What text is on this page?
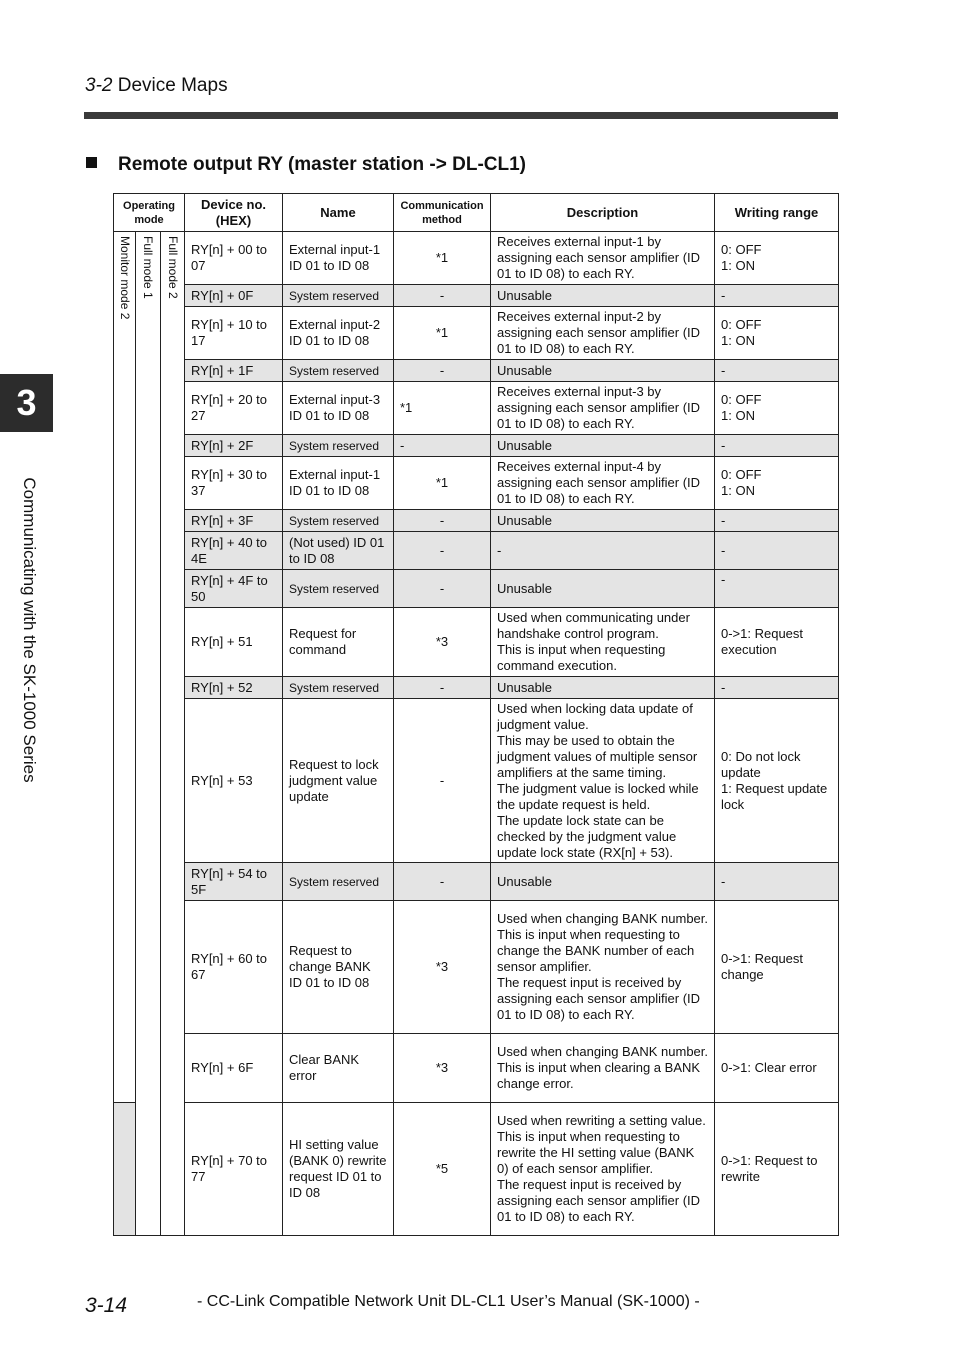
3-2 Device Maps
Remote output RY (master station -> DL-CL1)
3
Communicating with the SK-1000 Series
Operating mode			Device no. (HEX)	Name	Communication method	Description	Writing range

Monitor mode 2	Full mode 1	Full mode 2	RY[n] + 00 to 07	External input-1 ID 01 to ID 08	*1	Receives external input-1 by assigning each sensor amplifier (ID 01 to ID 08) to each RY.	0: OFF
1: ON
			RY[n] + 0F	System reserved	-	Unusable	-
			RY[n] + 10 to 17	External input-2 ID 01 to ID 08	*1	Receives external input-2 by assigning each sensor amplifier (ID 01 to ID 08) to each RY.	0: OFF
1: ON
			RY[n] + 1F	System reserved	-	Unusable	-
			RY[n] + 20 to 27	External input-3 ID 01 to ID 08	*1	Receives external input-3 by assigning each sensor amplifier (ID 01 to ID 08) to each RY.	0: OFF
1: ON
			RY[n] + 2F	System reserved	-	Unusable	-
			RY[n] + 30 to 37	External input-1 ID 01 to ID 08	*1	Receives external input-4 by assigning each sensor amplifier (ID 01 to ID 08) to each RY.	0: OFF
1: ON
			RY[n] + 3F	System reserved	-	Unusable	-
			RY[n] + 40 to 4E	(Not used) ID 01 to ID 08	-	-	-
			RY[n] + 4F to 50	System reserved	-	Unusable	-
			RY[n] + 51	Request for command	*3	Used when communicating under handshake control program.
This is input when requesting command execution.	0->1: Request execution
			RY[n] + 52	System reserved	-	Unusable	-
			RY[n] + 53	Request to lock judgment value update	-	Used when locking data update of judgment value.
This may be used to obtain the judgment values of multiple sensor amplifiers at the same timing.
The judgment value is locked while the update request is held.
The update lock state can be checked by the judgment value update lock state (RX[n] + 53).	0: Do not lock update
1: Request update lock
			RY[n] + 54 to 5F	System reserved	-	Unusable	-
			RY[n] + 60 to 67	Request to change BANK ID 01 to ID 08	*3	Used when changing BANK number.
This is input when requesting to change the BANK number of each sensor amplifier.
The request input is received by assigning each sensor amplifier (ID 01 to ID 08) to each RY.	0->1: Request change
			RY[n] + 6F	Clear BANK error	*3	Used when changing BANK number.
This is input when clearing a BANK change error.	0->1: Clear error
			RY[n] + 70 to 77	HI setting value (BANK 0) rewrite request ID 01 to ID 08	*5	Used when rewriting a setting value.
This is input when requesting to rewrite the HI setting value (BANK 0) of each sensor amplifier.
The request input is received by assigning each sensor amplifier (ID 01 to ID 08) to each RY.	0->1: Request to rewrite
3-14	- CC-Link Compatible Network Unit DL-CL1 User’s Manual (SK-1000) -
